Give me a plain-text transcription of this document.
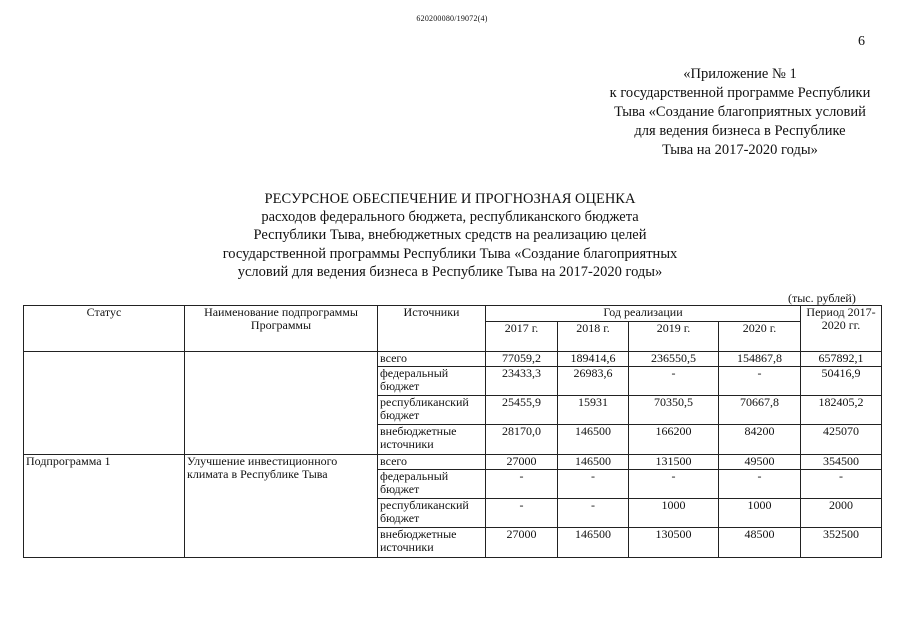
620200080/19072(4)
6
«Приложение № 1
к государственной программе Республики
Тыва «Создание благоприятных условий
для ведения бизнеса в Республике
Тыва на 2017-2020 годы»
РЕСУРСНОЕ ОБЕСПЕЧЕНИЕ И ПРОГНОЗНАЯ ОЦЕНКА
расходов федерального бюджета, республиканского бюджета
Республики Тыва, внебюджетных средств на реализацию целей
государственной программы Республики Тыва «Создание благоприятных
условий для ведения бизнеса в Республике Тыва на 2017-2020 годы»
(тыс. рублей)
Статус	Наименование подпрограммы Программы	Источники	Год реализации				Период 2017-2020 гг.
			2017 г.	2018 г.	2019 г.	2020 г.	
		всего	77059,2	189414,6	236550,5	154867,8	657892,1
		федеральный бюджет	23433,3	26983,6	-	-	50416,9
		республиканский бюджет	25455,9	15931	70350,5	70667,8	182405,2
		внебюджетные источники	28170,0	146500	166200	84200	425070
Подпрограмма 1	Улучшение инвестиционного климата в Республике Тыва	всего	27000	146500	131500	49500	354500
		федеральный бюджет	-	-	-	-	-
		республиканский бюджет	-	-	1000	1000	2000
		внебюджетные источники	27000	146500	130500	48500	352500
